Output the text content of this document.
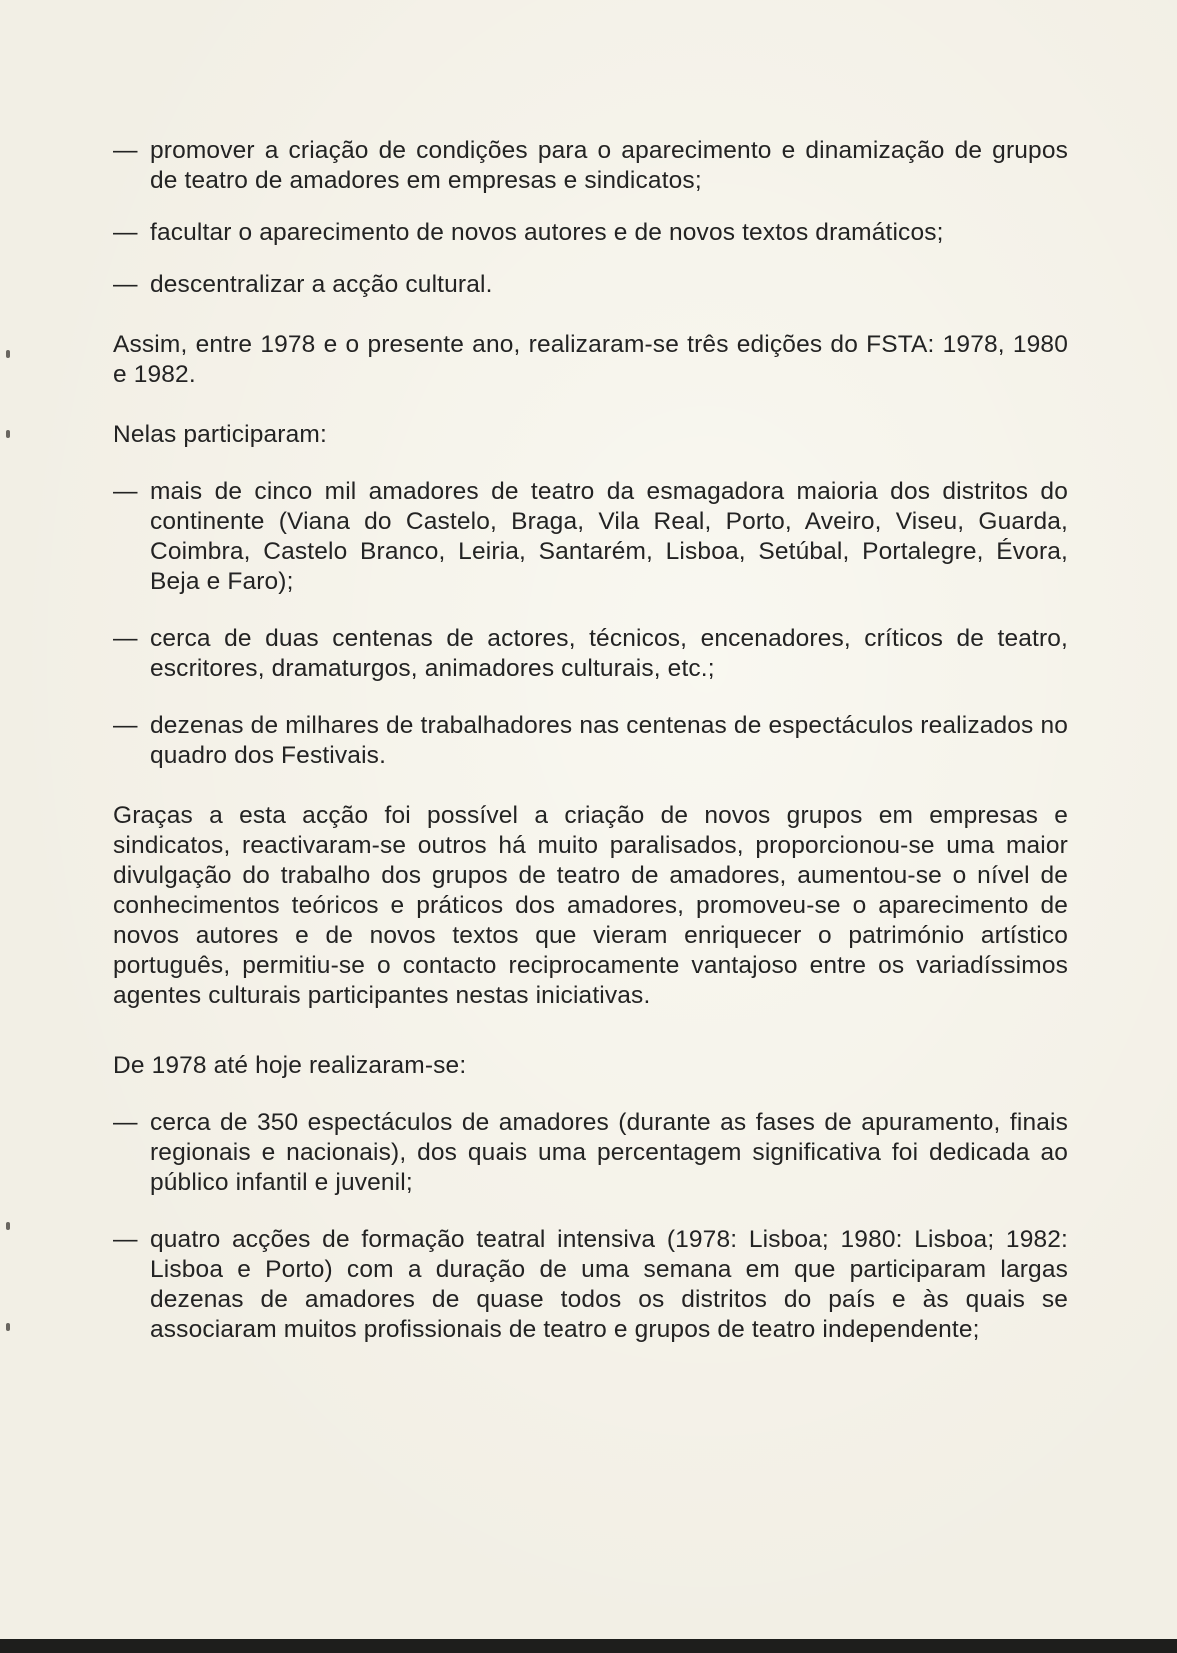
— promover a criação de condições para o aparecimento e dinamização de grupos de teatro de amadores em empresas e sindicatos;
— facultar o aparecimento de novos autores e de novos textos dramáticos;
— descentralizar a acção cultural.

Assim, entre 1978 e o presente ano, realizaram-se três edições do FSTA: 1978, 1980 e 1982.

Nelas participaram:

— mais de cinco mil amadores de teatro da esmagadora maioria dos distritos do continente (Viana do Castelo, Braga, Vila Real, Porto, Aveiro, Viseu, Guarda, Coimbra, Castelo Branco, Leiria, Santarém, Lisboa, Setúbal, Portalegre, Évora, Beja e Faro);
— cerca de duas centenas de actores, técnicos, encenadores, críticos de teatro, escritores, dramaturgos, animadores culturais, etc.;
— dezenas de milhares de trabalhadores nas centenas de espectáculos realizados no quadro dos Festivais.

Graças a esta acção foi possível a criação de novos grupos em empresas e sindicatos, reactivaram-se outros há muito paralisados, proporcionou-se uma maior divulgação do trabalho dos grupos de teatro de amadores, aumentou-se o nível de conhecimentos teóricos e práticos dos amadores, promoveu-se o aparecimento de novos autores e de novos textos que vieram enriquecer o património artístico português, permitiu-se o contacto reciprocamente vantajoso entre os variadíssimos agentes culturais participantes nestas iniciativas.

De 1978 até hoje realizaram-se:

— cerca de 350 espectáculos de amadores (durante as fases de apuramento, finais regionais e nacionais), dos quais uma percentagem significativa foi dedicada ao público infantil e juvenil;
— quatro acções de formação teatral intensiva (1978: Lisboa; 1980: Lisboa; 1982: Lisboa e Porto) com a duração de uma semana em que participaram largas dezenas de amadores de quase todos os distritos do país e às quais se associaram muitos profissionais de teatro e grupos de teatro independente;
